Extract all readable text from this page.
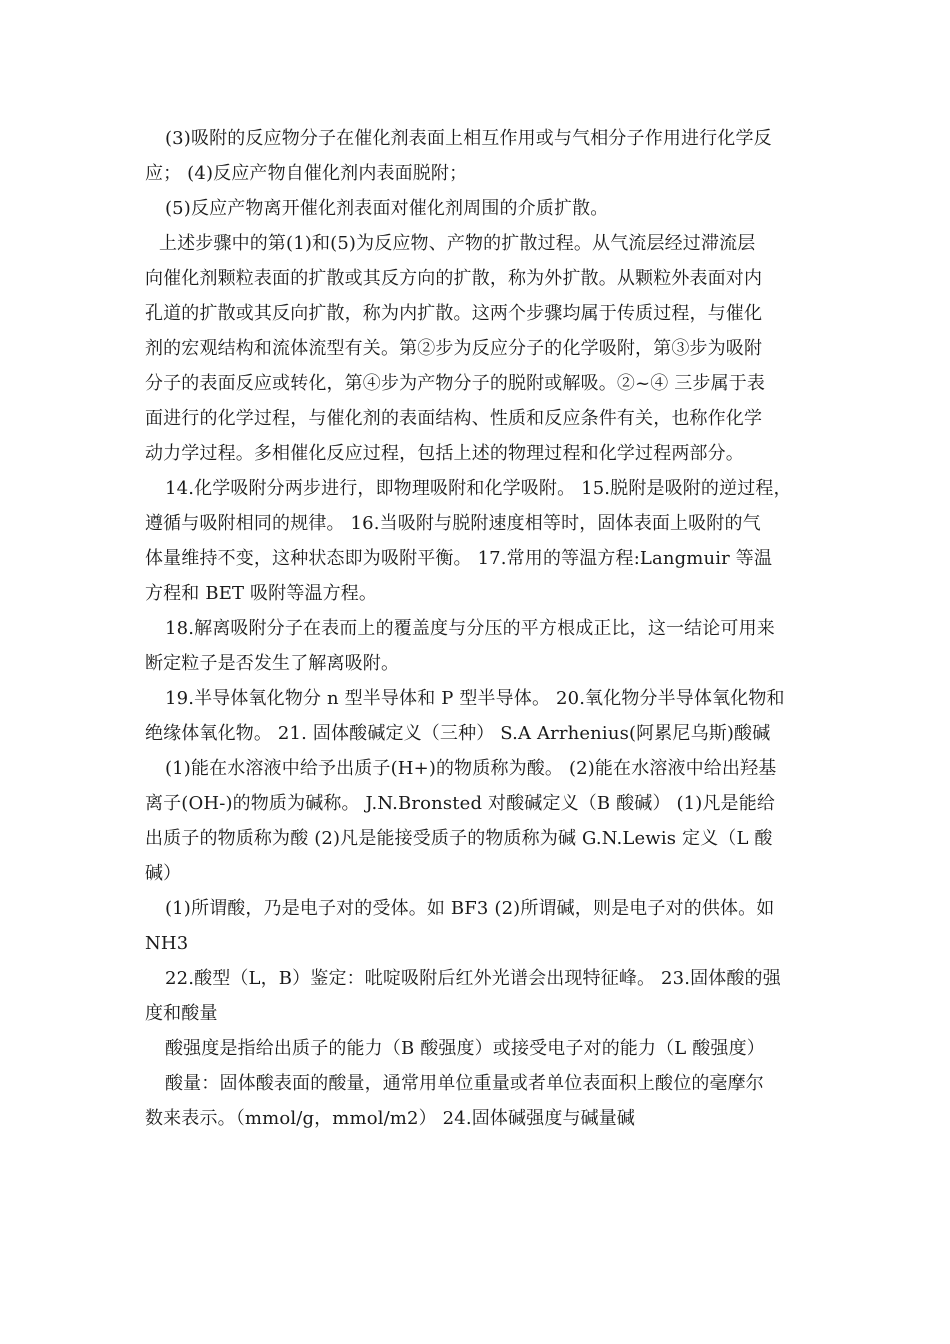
(3)吸附的反应物分子在催化剂表面上相互作用或与气相分子作用进行化学反
应； (4)反应产物自催化剂内表面脱附；
(5)反应产物离开催化剂表面对催化剂周围的介质扩散。
上述步骤中的第(1)和(5)为反应物、产物的扩散过程。从气流层经过滞流层
向催化剂颗粒表面的扩散或其反方向的扩散，称为外扩散。从颗粒外表面对内
孔道的扩散或其反向扩散，称为内扩散。这两个步骤均属于传质过程，与催化
剂的宏观结构和流体流型有关。第②步为反应分子的化学吸附，第③步为吸附
分子的表面反应或转化，第④步为产物分子的脱附或解吸。②~④ 三步属于表
面进行的化学过程，与催化剂的表面结构、性质和反应条件有关，也称作化学
动力学过程。多相催化反应过程，包括上述的物理过程和化学过程两部分。
14.化学吸附分两步进行，即物理吸附和化学吸附。 15.脱附是吸附的逆过程，
遵循与吸附相同的规律。 16.当吸附与脱附速度相等时，固体表面上吸附的气
体量维持不变，这种状态即为吸附平衡。 17.常用的等温方程:Langmuir 等温
方程和 BET 吸附等温方程。
18.解离吸附分子在表而上的覆盖度与分压的平方根成正比，这一结论可用来
断定粒子是否发生了解离吸附。
19.半导体氧化物分 n 型半导体和 P 型半导体。 20.氧化物分半导体氧化物和
绝缘体氧化物。 21. 固体酸碱定义（三种） S.A Arrhenius(阿累尼乌斯)酸碱
(1)能在水溶液中给予出质子(H+)的物质称为酸。 (2)能在水溶液中给出羟基
离子(OH-)的物质为碱称。 J.N.Bronsted 对酸碱定义（B 酸碱） (1)凡是能给
出质子的物质称为酸 (2)凡是能接受质子的物质称为碱 G.N.Lewis 定义（L 酸
碱）
(1)所谓酸，乃是电子对的受体。如 BF3 (2)所谓碱，则是电子对的供体。如
NH3
22.酸型（L，B）鉴定：吡啶吸附后红外光谱会出现特征峰。 23.固体酸的强
度和酸量
酸强度是指给出质子的能力（B 酸强度）或接受电子对的能力（L 酸强度）
酸量：固体酸表面的酸量，通常用单位重量或者单位表面积上酸位的毫摩尔
数来表示。（mmol/g，mmol/m2） 24.固体碱强度与碱量碱
